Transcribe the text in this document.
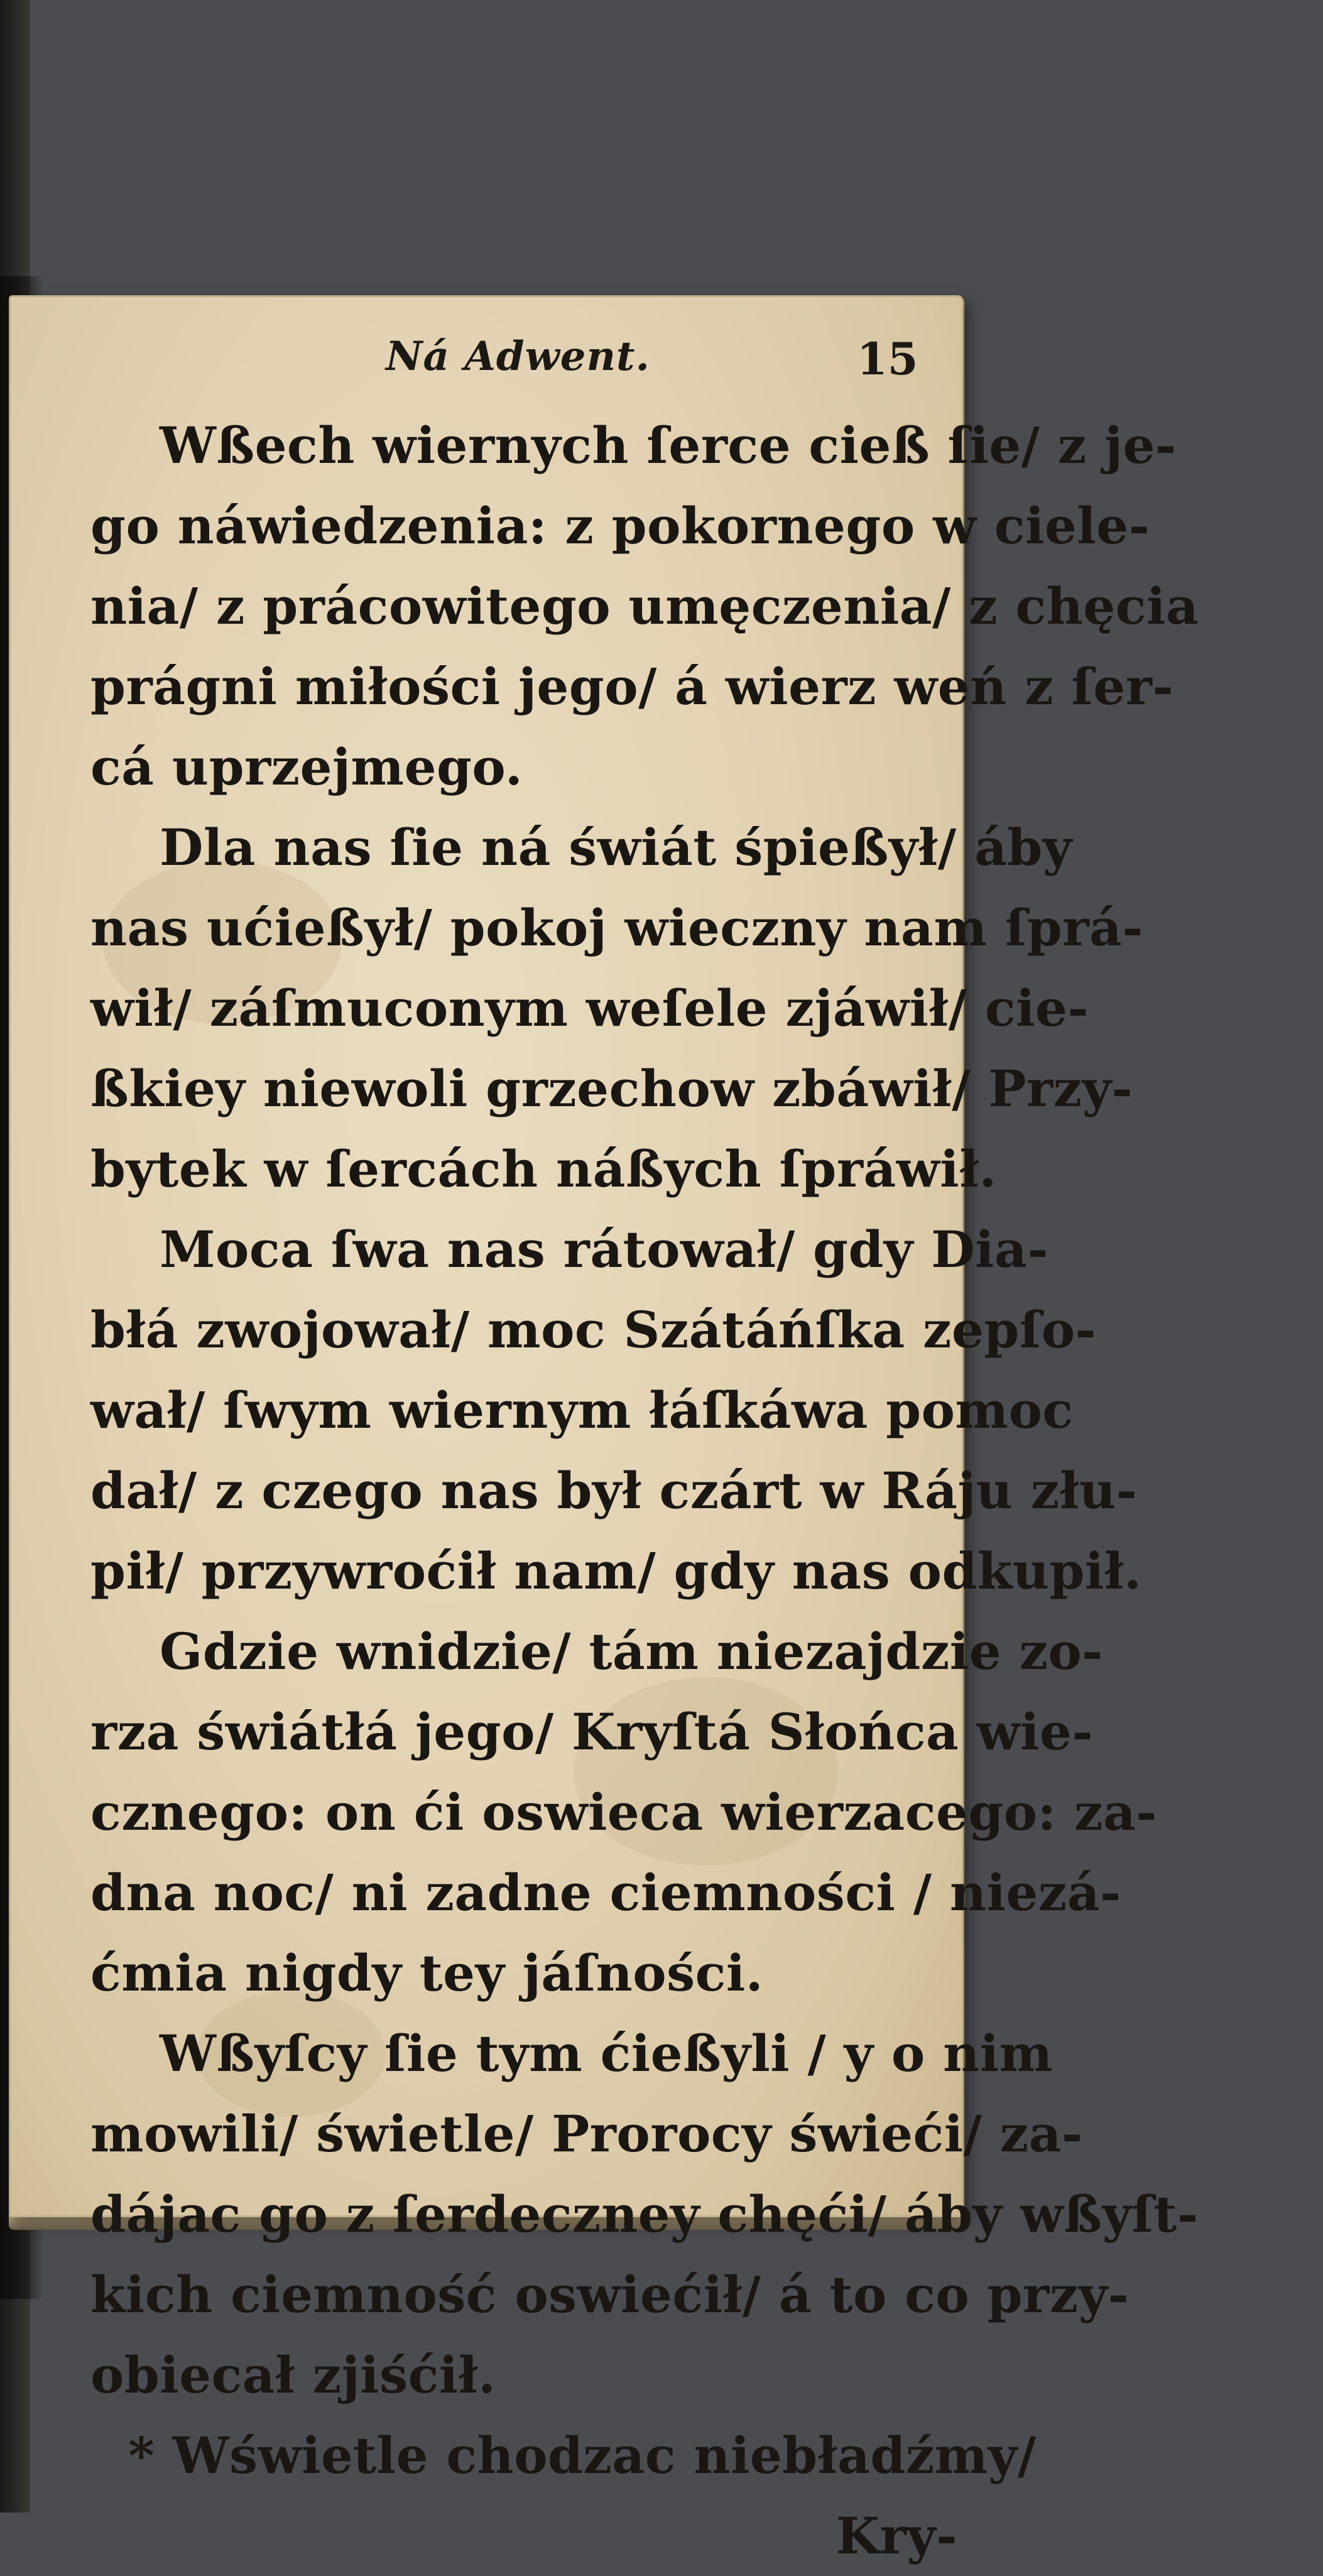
Ná Adwent.	15
Wßech wiernych ſerce cieß ſie/ z je-
go náwiedzenia: z pokornego w ciele-
nia/ z prácowitego umęczenia/ z chęcia
prágni miłości jego/ á wierz weń z ſer-
cá uprzejmego.
Dla nas ſie ná świát śpießył/ áby
nas ućießył/ pokoj wieczny nam ſprá-
wił/ záſmuconym weſele zjáwił/ cie-
ßkiey niewoli grzechow zbáwił/ Przy-
bytek w ſercách náßych ſpráwił.
Moca ſwa nas rátował/ gdy Dia-
błá zwojował/ moc Szátáńſka zepſo-
wał/ ſwym wiernym łáſkáwa pomoc
dał/ z czego nas był czárt w Ráju złu-
pił/ przywroćił nam/ gdy nas odkupił.
Gdzie wnidzie/ tám niezajdzie zo-
rza świátłá jego/ Kryſtá Słońca wie-
cznego: on ći oswieca wierzacego: za-
dna noc/ ni zadne ciemności / niezá-
ćmia nigdy tey jáſności.
Wßyſcy ſie tym ćießyli / y o nim
mowili/ świetle/ Prorocy świeći/ za-
dájac go z ſerdeczney chęći/ áby wßyſt-
kich ciemność oswiećił/ á to co przy-
obiecał zjiśćił.
* Wświetle chodzac niebładźmy/
Kry-
